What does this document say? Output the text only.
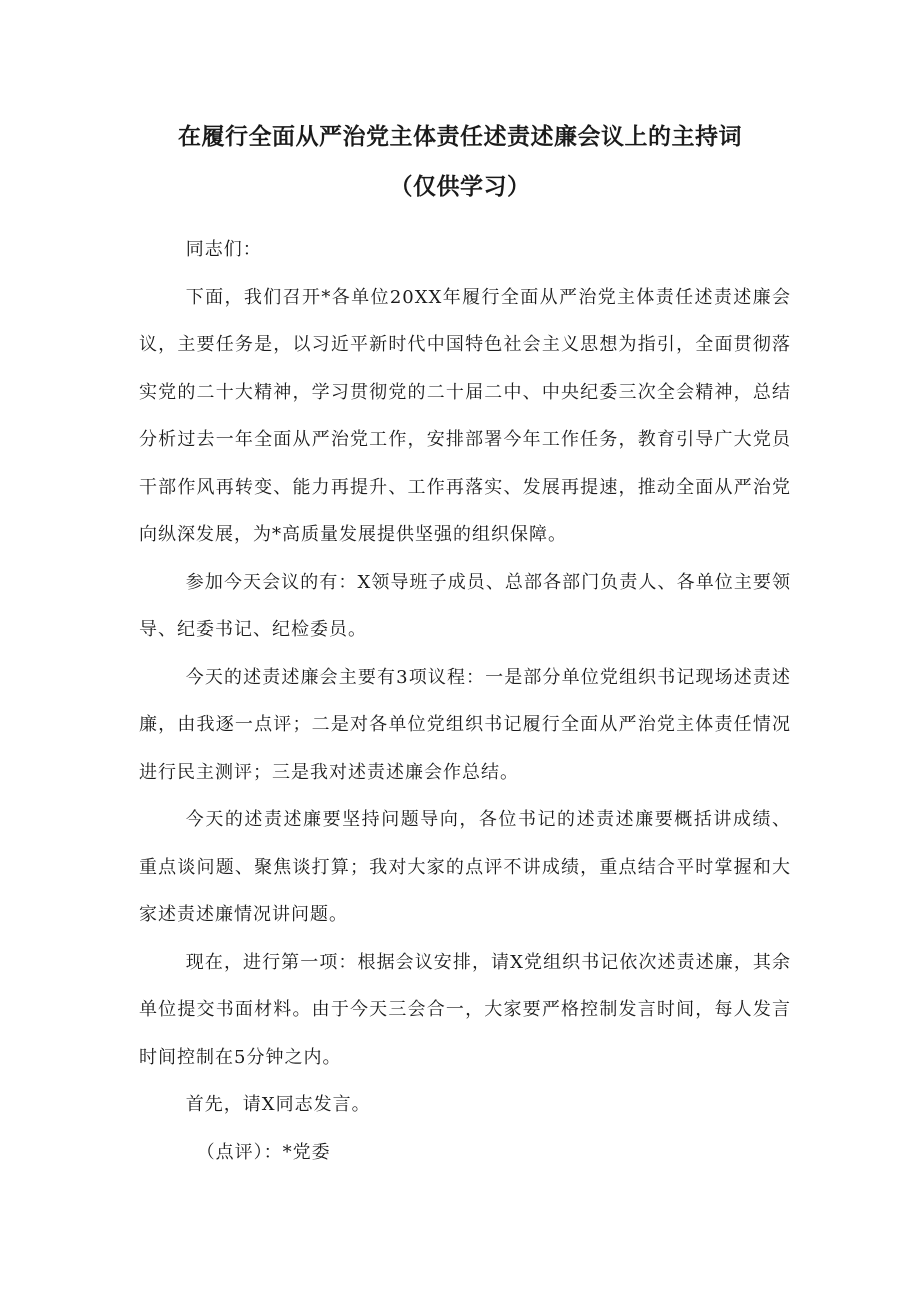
在履行全面从严治党主体责任述责述廉会议上的主持词
（仅供学习）

同志们：

下面，我们召开*各单位20XX年履行全面从严治党主体责任述责述廉会议，主要任务是，以习近平新时代中国特色社会主义思想为指引，全面贯彻落实党的二十大精神，学习贯彻党的二十届二中、中央纪委三次全会精神，总结分析过去一年全面从严治党工作，安排部署今年工作任务，教育引导广大党员干部作风再转变、能力再提升、工作再落实、发展再提速，推动全面从严治党向纵深发展，为*高质量发展提供坚强的组织保障。

参加今天会议的有：X领导班子成员、总部各部门负责人、各单位主要领导、纪委书记、纪检委员。

今天的述责述廉会主要有3项议程：一是部分单位党组织书记现场述责述廉，由我逐一点评；二是对各单位党组织书记履行全面从严治党主体责任情况进行民主测评；三是我对述责述廉会作总结。

今天的述责述廉要坚持问题导向，各位书记的述责述廉要概括讲成绩、重点谈问题、聚焦谈打算；我对大家的点评不讲成绩，重点结合平时掌握和大家述责述廉情况讲问题。

现在，进行第一项：根据会议安排，请X党组织书记依次述责述廉，其余单位提交书面材料。由于今天三会合一，大家要严格控制发言时间，每人发言时间控制在5分钟之内。

首先，请X同志发言。

（点评）：*党委
